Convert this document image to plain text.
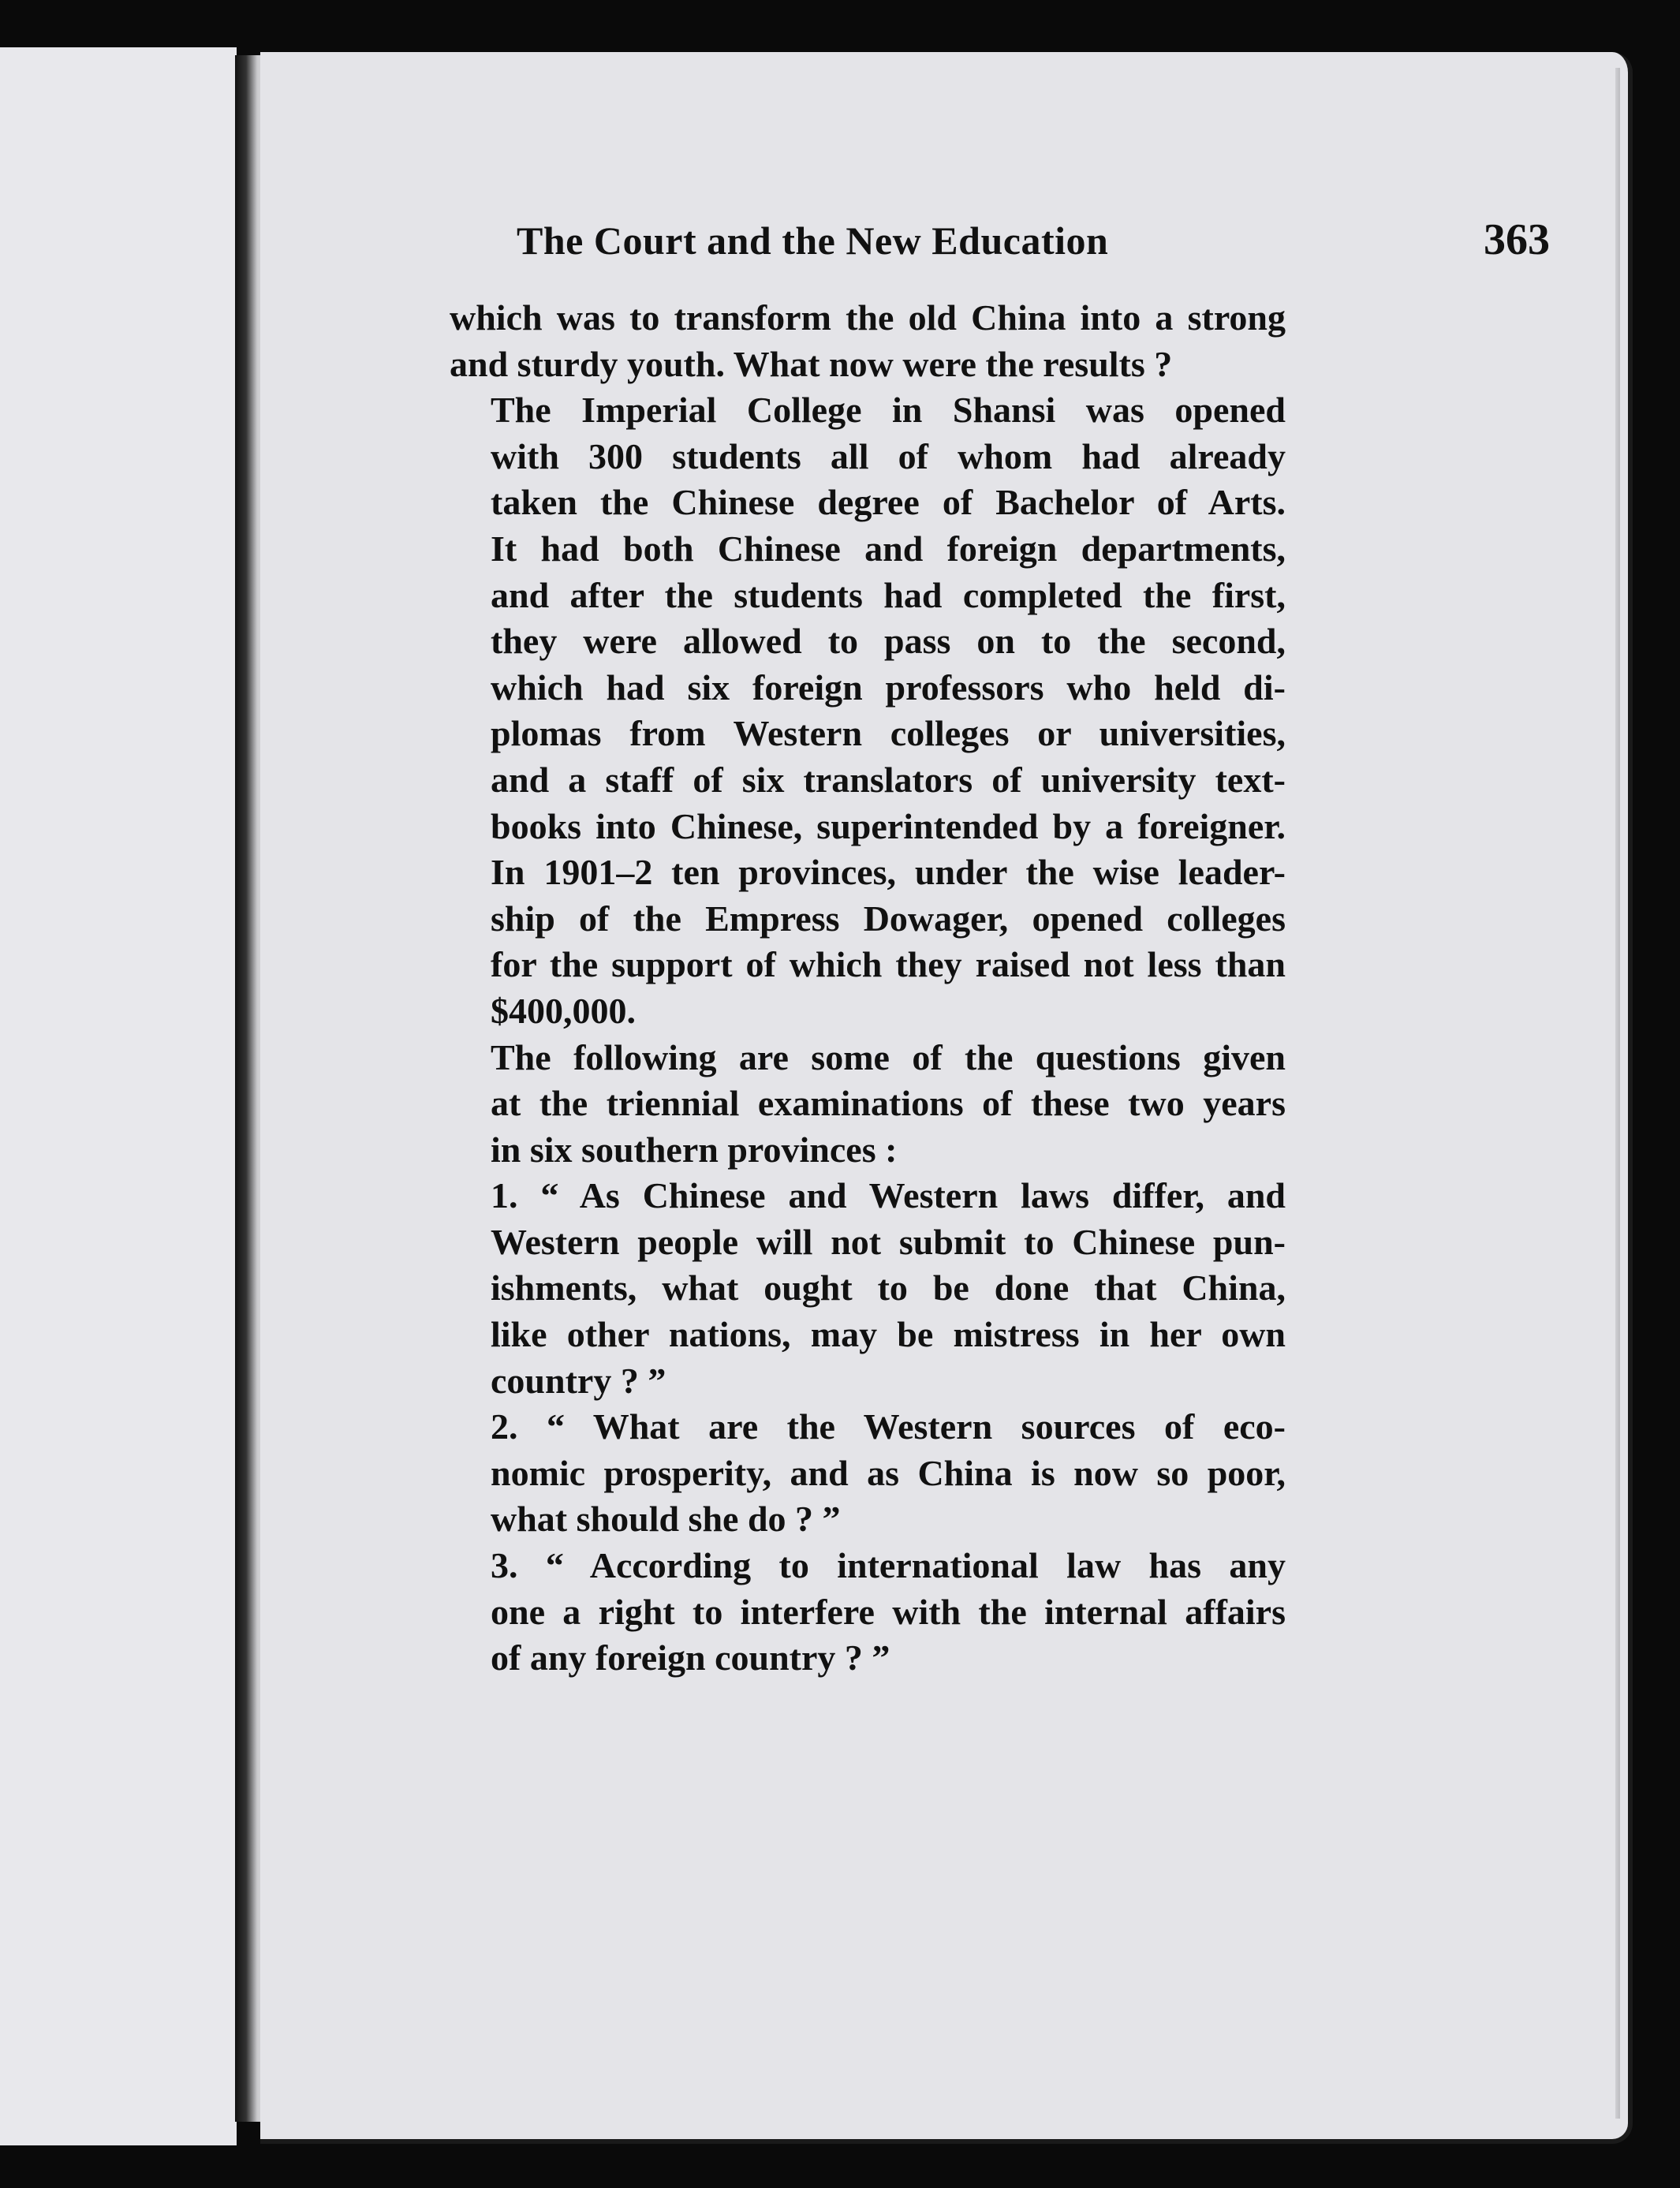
The Court and the New Education	363

which was to transform the old China into a strong
and sturdy youth. What now were the results ?

The Imperial College in Shansi was opened
with 300 students all of whom had already
taken the Chinese degree of Bachelor of Arts.
It had both Chinese and foreign departments,
and after the students had completed the first,
they were allowed to pass on to the second,
which had six foreign professors who held di-
plomas from Western colleges or universities,
and a staff of six translators of university text-
books into Chinese, superintended by a foreigner.
In 1901–2 ten provinces, under the wise leader-
ship of the Empress Dowager, opened colleges
for the support of which they raised not less than
$400,000.

The following are some of the questions given
at the triennial examinations of these two years
in six southern provinces :

1. “ As Chinese and Western laws differ, and
Western people will not submit to Chinese pun-
ishments, what ought to be done that China,
like other nations, may be mistress in her own
country ? ”

2. “ What are the Western sources of eco-
nomic prosperity, and as China is now so poor,
what should she do ? ”

3. “ According to international law has any
one a right to interfere with the internal affairs
of any foreign country ? ”
